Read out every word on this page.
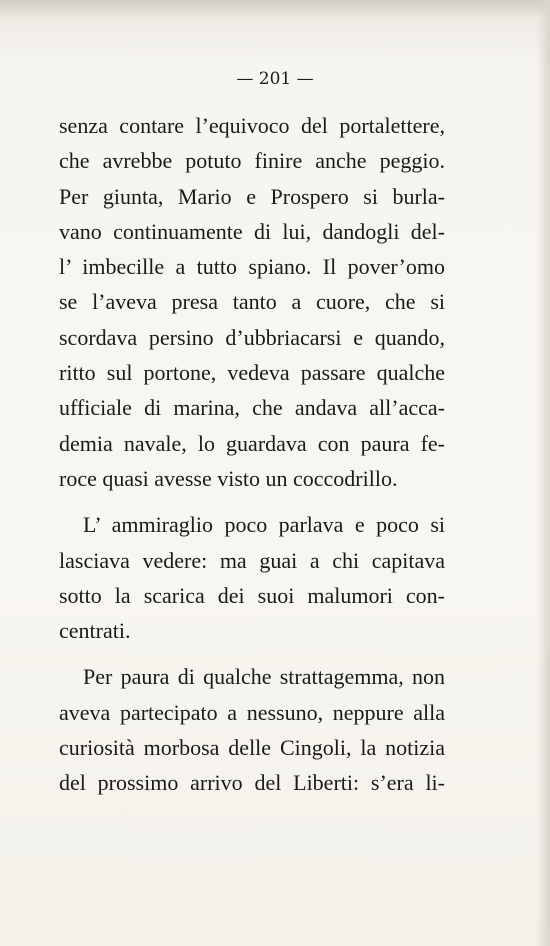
— 201 —
senza contare l’equivoco del portalettere,
che avrebbe potuto finire anche peggio.
Per giunta, Mario e Prospero si burla-
vano continuamente di lui, dandogli del-
l’ imbecille a tutto spiano. Il pover’omo
se l’aveva presa tanto a cuore, che si
scordava persino d’ubbriacarsi e quando,
ritto sul portone, vedeva passare qualche
ufficiale di marina, che andava all’acca-
demia navale, lo guardava con paura fe-
roce quasi avesse visto un coccodrillo.
L’ ammiraglio poco parlava e poco si
lasciava vedere: ma guai a chi capitava
sotto la scarica dei suoi malumori con-
centrati.
Per paura di qualche strattagemma, non
aveva partecipato a nessuno, neppure alla
curiosità morbosa delle Cingoli, la notizia
del prossimo arrivo del Liberti: s’era li-
